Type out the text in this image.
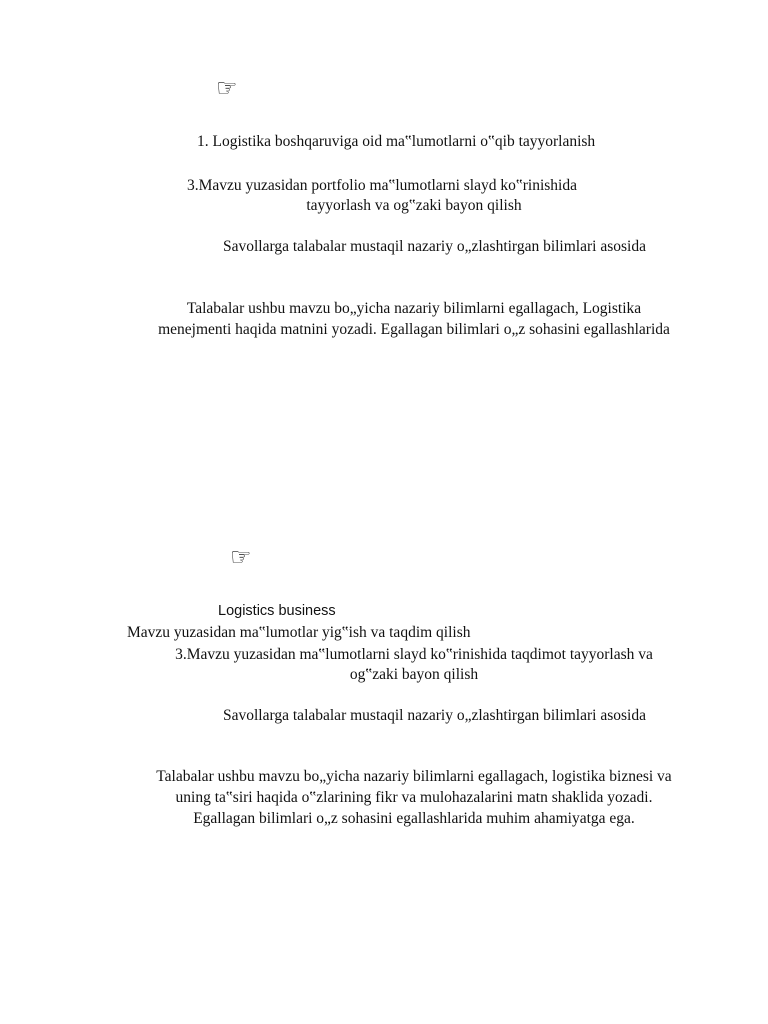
☞
1. Logistika boshqaruviga oid ma‟lumotlarni o‟qib tayyorlanish
3.Mavzu yuzasidan portfolio ma‟lumotlarni slayd ko‟rinishida
tayyorlash va og‟zaki bayon qilish
Savollarga talabalar mustaqil nazariy o„zlashtirgan bilimlari asosida
Talabalar ushbu mavzu bo„yicha nazariy bilimlarni egallagach, Logistika
menejmenti haqida matnini yozadi. Egallagan bilimlari o„z sohasini egallashlarida
☞
Logistics business
Mavzu yuzasidan ma‟lumotlar yig‟ish va taqdim qilish
3.Mavzu yuzasidan ma‟lumotlarni slayd ko‟rinishida taqdimot tayyorlash va
og‟zaki bayon qilish
Savollarga talabalar mustaqil nazariy o„zlashtirgan bilimlari asosida
Talabalar ushbu mavzu bo„yicha nazariy bilimlarni egallagach, logistika biznesi va
uning ta‟siri haqida o‟zlarining fikr va mulohazalarini matn shaklida yozadi.
Egallagan bilimlari o„z sohasini egallashlarida muhim ahamiyatga ega.
